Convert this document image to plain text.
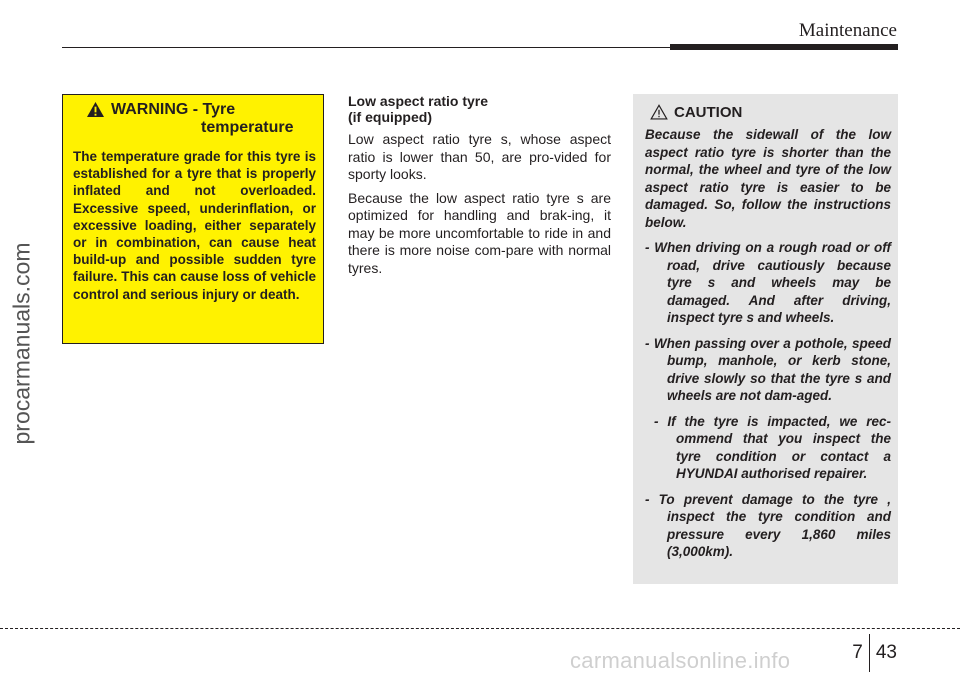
Maintenance
procarmanuals.com
WARNING - Tyre
temperature
The temperature grade for this tyre is established for a tyre that is properly inflated and not overloaded. Excessive speed, underinflation, or excessive loading, either separately or in combination, can cause heat build-up and possible sudden tyre failure. This can cause loss of vehicle control and serious injury or death.
Low aspect ratio tyre
(if equipped)

Low aspect ratio tyre s, whose aspect ratio is lower than 50, are pro-vided for sporty looks.

Because the low aspect ratio tyre s are optimized for handling and brak-ing, it may be more uncomfortable to ride in and there is more noise com-pare with normal tyres.

CAUTION
Because the sidewall of the low aspect ratio tyre is shorter than the normal, the wheel and tyre of the low aspect ratio tyre is easier to be damaged. So, follow the instructions below.
- When driving on a rough road or off road, drive cautiously because tyre s and wheels may be damaged. And after driving, inspect tyre s and wheels.
- When passing over a pothole, speed bump, manhole, or kerb stone, drive slowly so that the tyre s and wheels are not dam-aged.
- If the tyre is impacted, we rec-ommend that you inspect the tyre condition or contact a HYUNDAI authorised repairer.
- To prevent damage to the tyre , inspect the tyre condition and pressure every 1,860 miles (3,000km).
7 43
carmanualsonline.info
